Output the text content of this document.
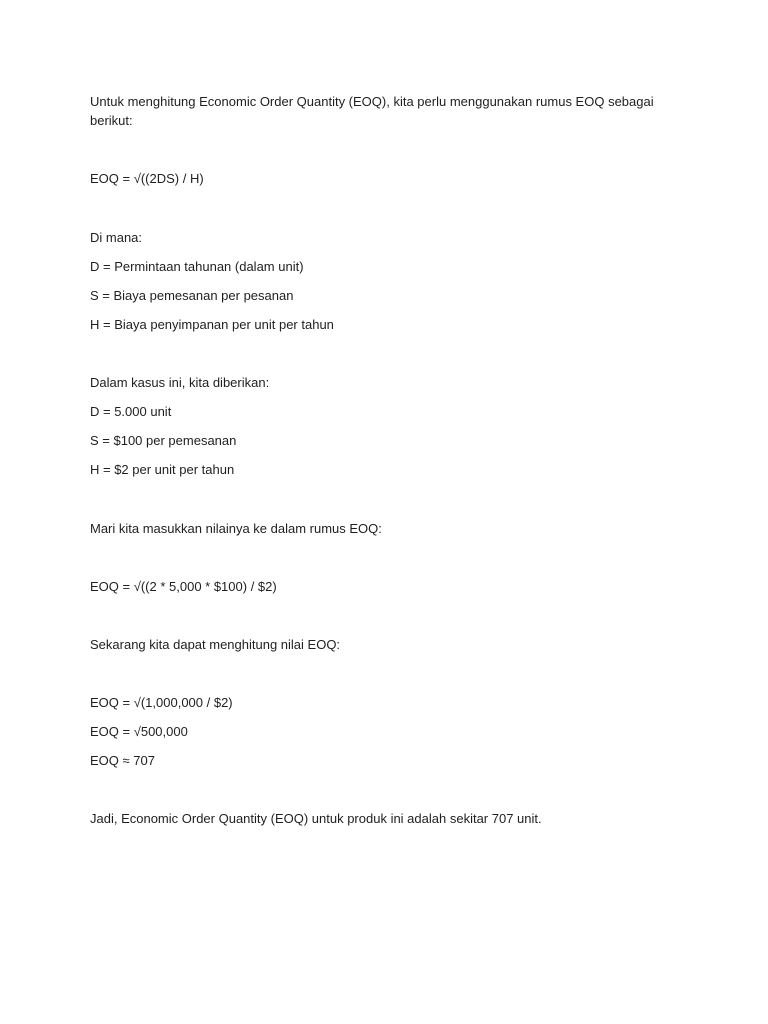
Untuk menghitung Economic Order Quantity (EOQ), kita perlu menggunakan rumus EOQ sebagai
berikut:
EOQ = √((2DS) / H)
Di mana:
D = Permintaan tahunan (dalam unit)
S = Biaya pemesanan per pesanan
H = Biaya penyimpanan per unit per tahun
Dalam kasus ini, kita diberikan:
D = 5.000 unit
S = $100 per pemesanan
H = $2 per unit per tahun
Mari kita masukkan nilainya ke dalam rumus EOQ:
EOQ = √((2 * 5,000 * $100) / $2)
Sekarang kita dapat menghitung nilai EOQ:
EOQ = √(1,000,000 / $2)
EOQ = √500,000
EOQ ≈ 707
Jadi, Economic Order Quantity (EOQ) untuk produk ini adalah sekitar 707 unit.
